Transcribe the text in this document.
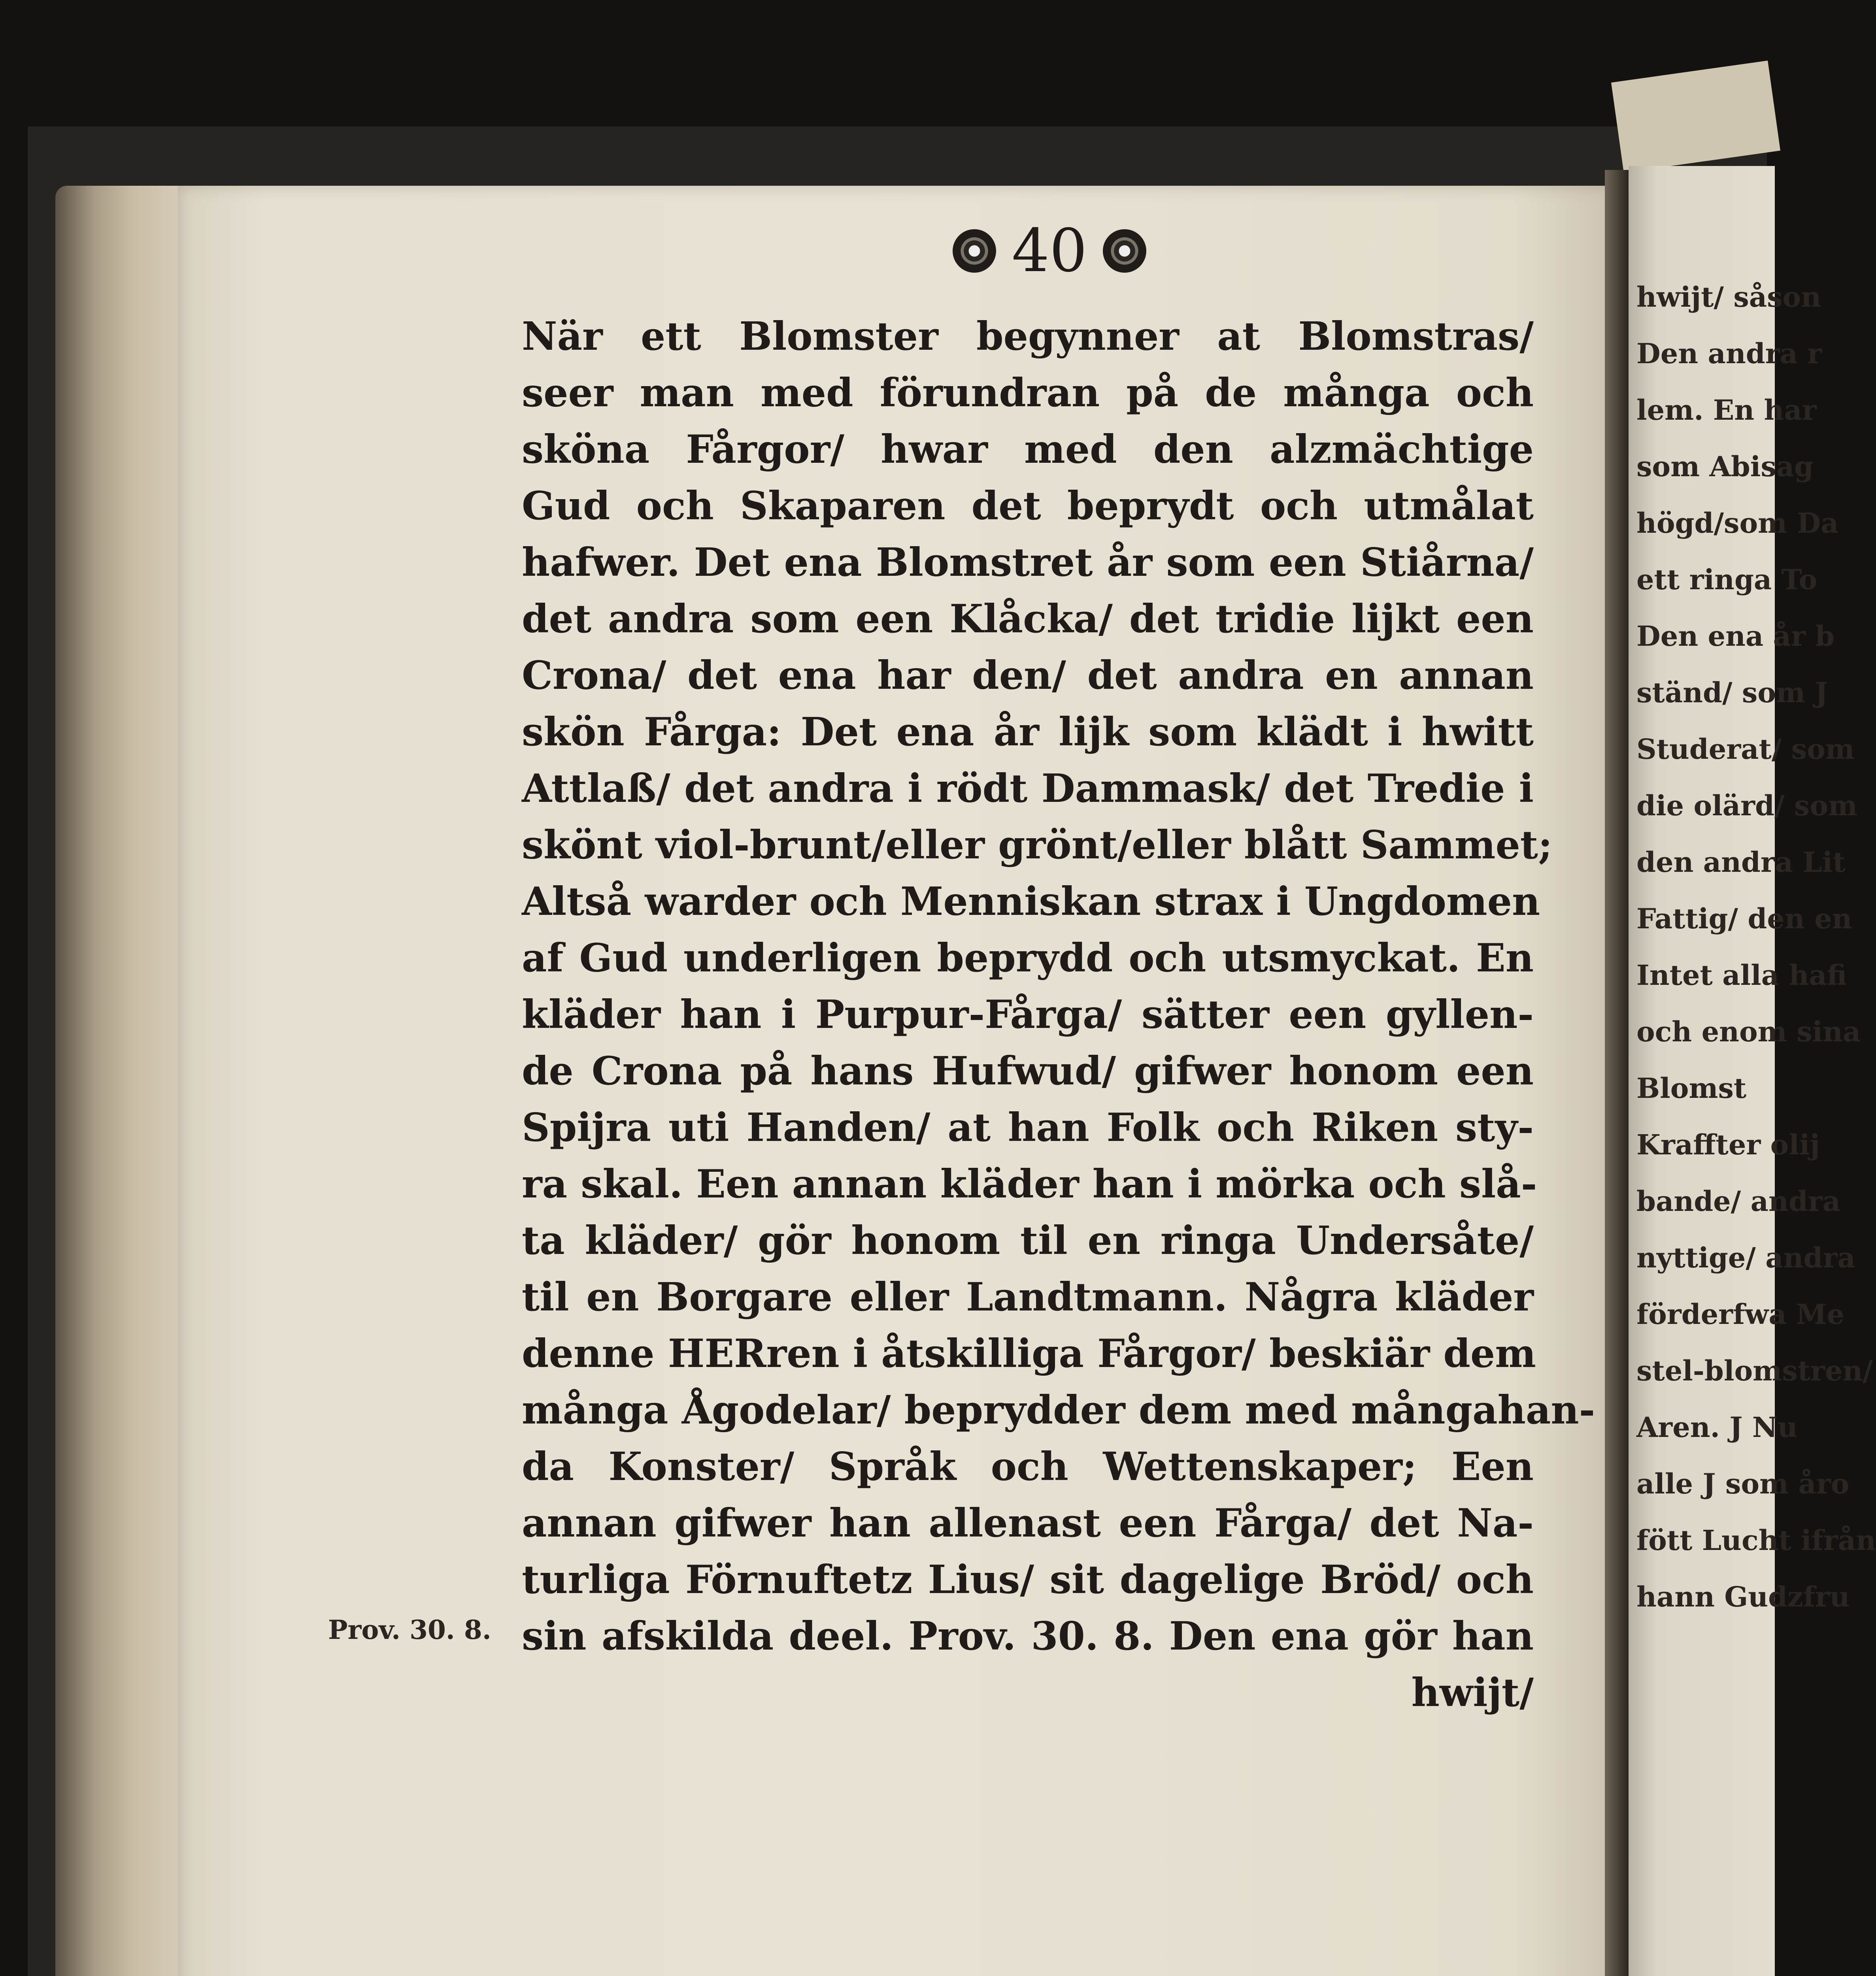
40
När ett Blomster begynner at Blomstras/
seer man med förundran på de många och
sköna Fårgor/ hwar med den alzmächtige
Gud och Skaparen det beprydt och utmålat
hafwer. Det ena Blomstret år som een Stiårna/
det andra som een Klåcka/ det tridie lijkt een
Crona/ det ena har den/ det andra en annan
skön Fårga: Det ena år lijk som klädt i hwitt
Attlaß/ det andra i rödt Dammask/ det Tredie i
skönt viol-brunt/eller grönt/eller blått Sammet;
Altså warder och Menniskan strax i Ungdomen
af Gud underligen beprydd och utsmyckat. En
kläder han i Purpur-Fårga/ sätter een gyllen-
de Crona på hans Hufwud/ gifwer honom een
Spijra uti Handen/ at han Folk och Riken sty-
ra skal. Een annan kläder han i mörka och slå-
ta kläder/ gör honom til en ringa Undersåte/
til en Borgare eller Landtmann. Några kläder
denne HERren i åtskilliga Fårgor/ beskiär dem
många Ågodelar/ beprydder dem med mångahan-
da Konster/ Språk och Wettenskaper; Een
annan gifwer han allenast een Fårga/ det Na-
turliga Förnuftetz Lius/ sit dagelige Bröd/ och
sin afskilda deel. Prov. 30. 8. Den ena gör han
hwijt/
Prov. 30. 8.
hwijt/ såson
Den andra r
lem. En har
som Abisag
högd/som Da
ett ringa To
Den ena år b
ständ/ som J
Studerat/ som
die olärd/ som
den andra Lit
Fattig/ den en
Intet alla hafi
och enom sina
Blomst
Kraffter olij
bande/ andra
nyttige/ andra
förderfwa Me
stel-blomstren/
Aren. J Nu
alle J som åro
fött Lucht ifrån
hann Gudzfru
